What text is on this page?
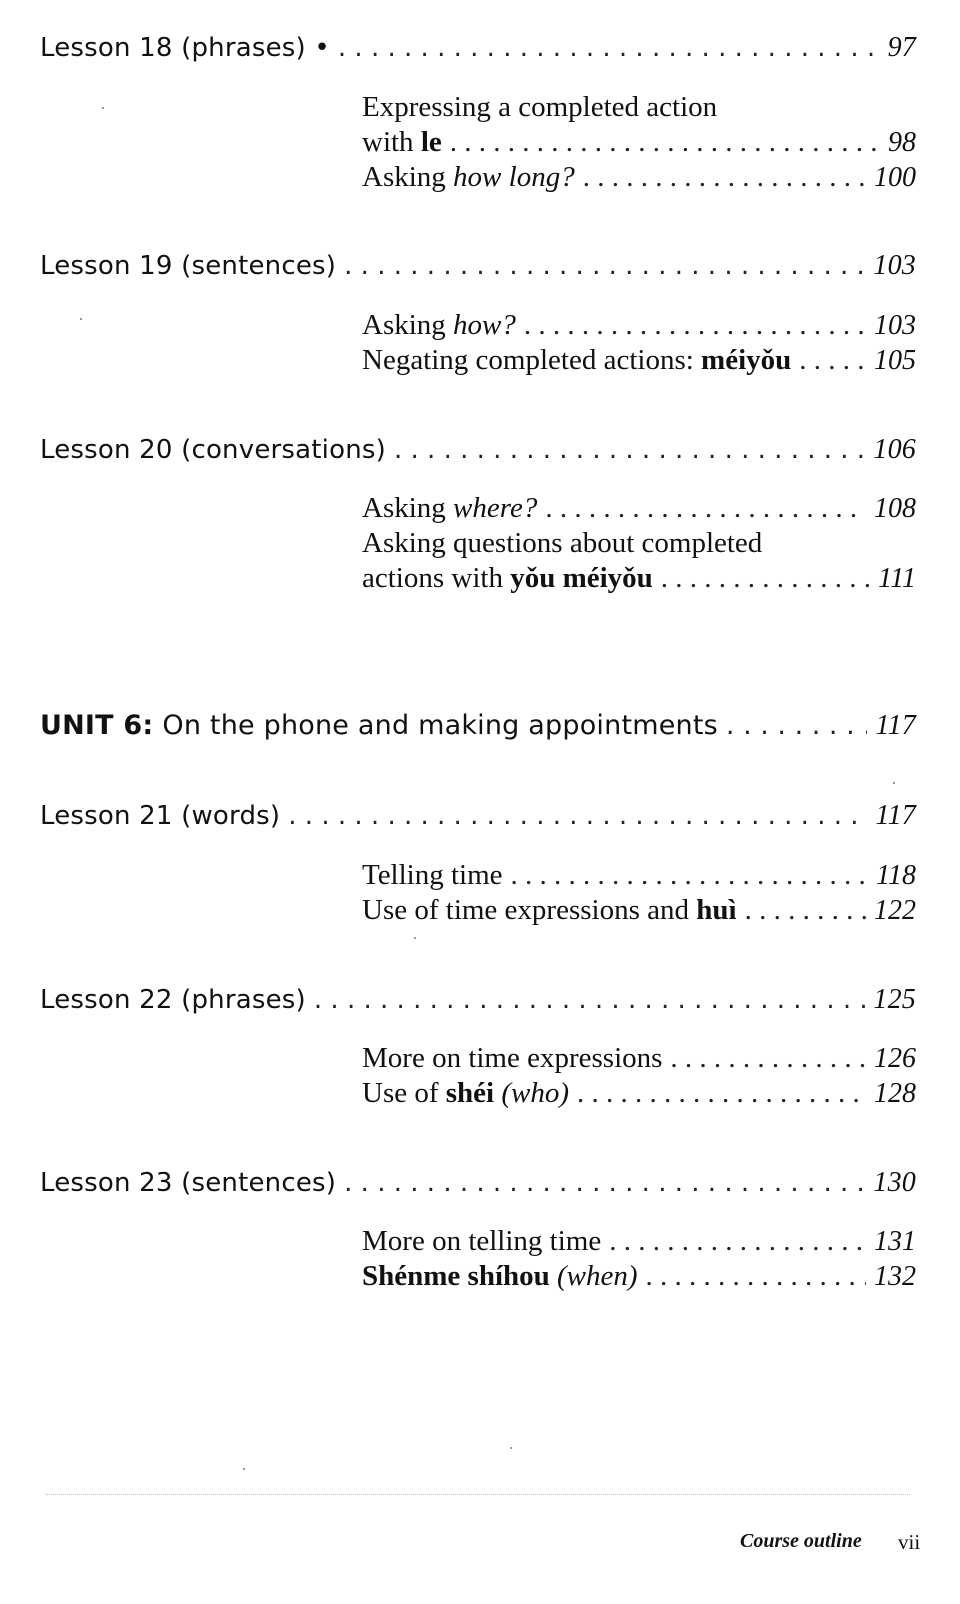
Lesson 18 (phrases) • . . .	97
Expressing a completed action
with le . . .	98
Asking how long? . . .	100
Lesson 19 (sentences) . . .	103
Asking how? . . .	103
Negating completed actions: méiyǒu . . .	105
Lesson 20 (conversations) . . .	106
Asking where? . . .	108
Asking questions about completed
actions with yǒu méiyǒu . . .	111
UNIT 6: On the phone and making appointments . . .	117
Lesson 21 (words) . . .	117
Telling time . . .	118
Use of time expressions and huì . . .	122
Lesson 22 (phrases) . . .	125
More on time expressions . . .	126
Use of shéi (who) . . .	128
Lesson 23 (sentences) . . .	130
More on telling time . . .	131
Shénme shíhou (when) . . .	132
Course outline vii
